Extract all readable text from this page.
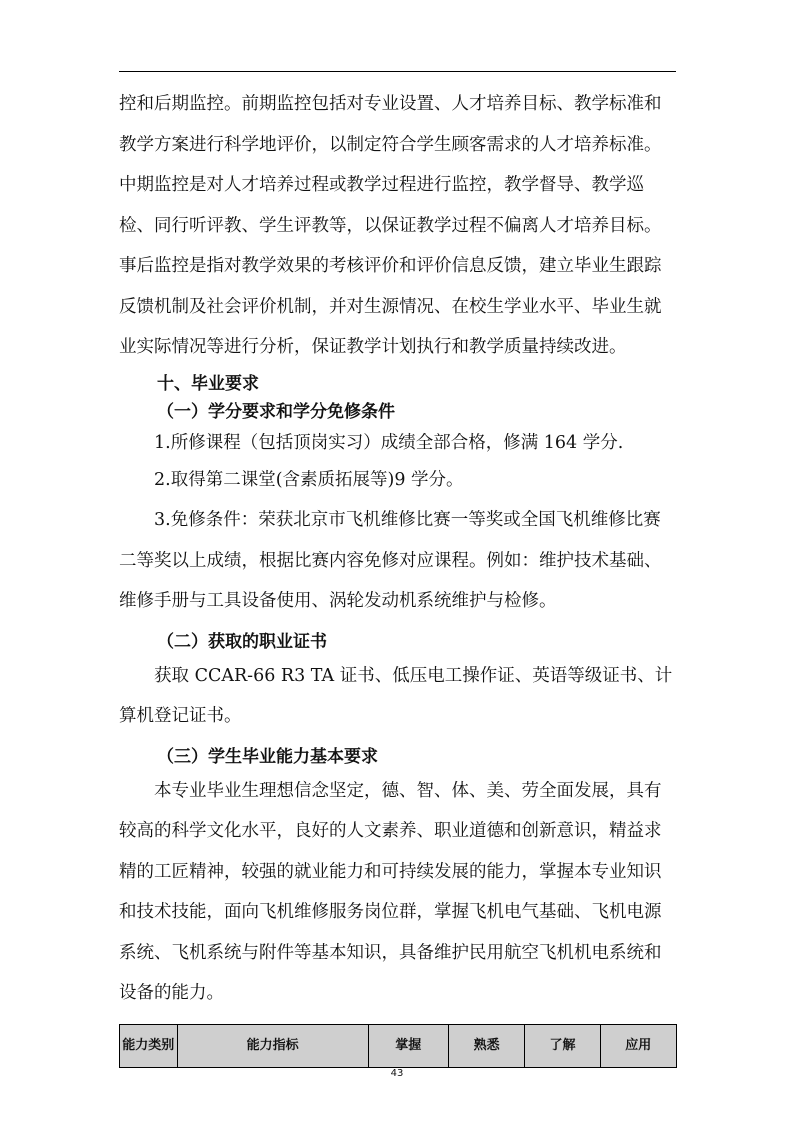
控和后期监控。前期监控包括对专业设置、人才培养目标、教学标准和教学方案进行科学地评价，以制定符合学生顾客需求的人才培养标准。中期监控是对人才培养过程或教学过程进行监控，教学督导、教学巡检、同行听评教、学生评教等，以保证教学过程不偏离人才培养目标。事后监控是指对教学效果的考核评价和评价信息反馈，建立毕业生跟踪反馈机制及社会评价机制，并对生源情况、在校生学业水平、毕业生就业实际情况等进行分析，保证教学计划执行和教学质量持续改进。

十、毕业要求
（一）学分要求和学分免修条件

1.所修课程（包括顶岗实习）成绩全部合格，修满 164 学分.

2.取得第二课堂(含素质拓展等)9 学分。

3.免修条件：荣获北京市飞机维修比赛一等奖或全国飞机维修比赛二等奖以上成绩，根据比赛内容免修对应课程。例如：维护技术基础、维修手册与工具设备使用、涡轮发动机系统维护与检修。

（二）获取的职业证书

获取 CCAR-66 R3 TA 证书、低压电工操作证、英语等级证书、计算机登记证书。

（三）学生毕业能力基本要求

本专业毕业生理想信念坚定，德、智、体、美、劳全面发展，具有较高的科学文化水平，良好的人文素养、职业道德和创新意识，精益求精的工匠精神，较强的就业能力和可持续发展的能力，掌握本专业知识和技术技能，面向飞机维修服务岗位群，掌握飞机电气基础、飞机电源系统、飞机系统与附件等基本知识，具备维护民用航空飞机机电系统和设备的能力。

能力类别	能力指标	掌握	熟悉	了解	应用
43
